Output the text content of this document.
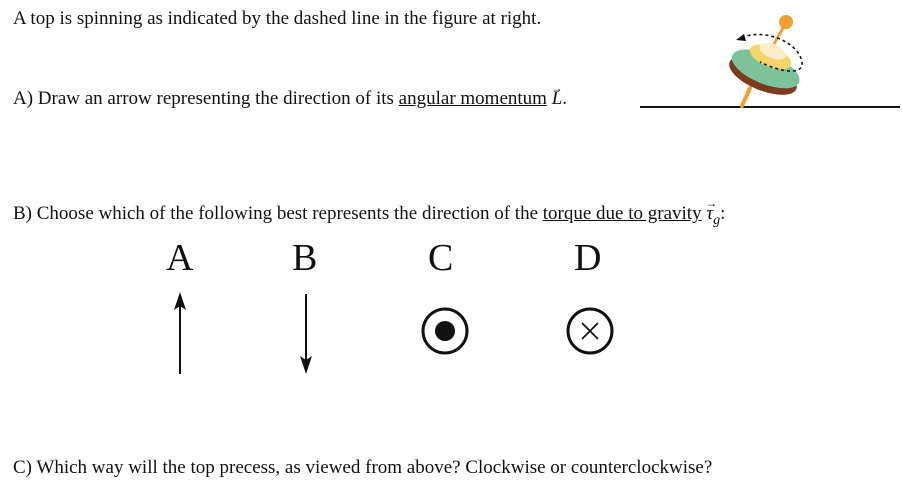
A top is spinning as indicated by the dashed line in the figure at right.
A) Draw an arrow representing the direction of its angular momentum → L.
B) Choose which of the following best represents the direction of the torque due to gravity → $\tau_g$:
A	B	C	D
C) Which way will the top precess, as viewed from above? Clockwise or counterclockwise?
